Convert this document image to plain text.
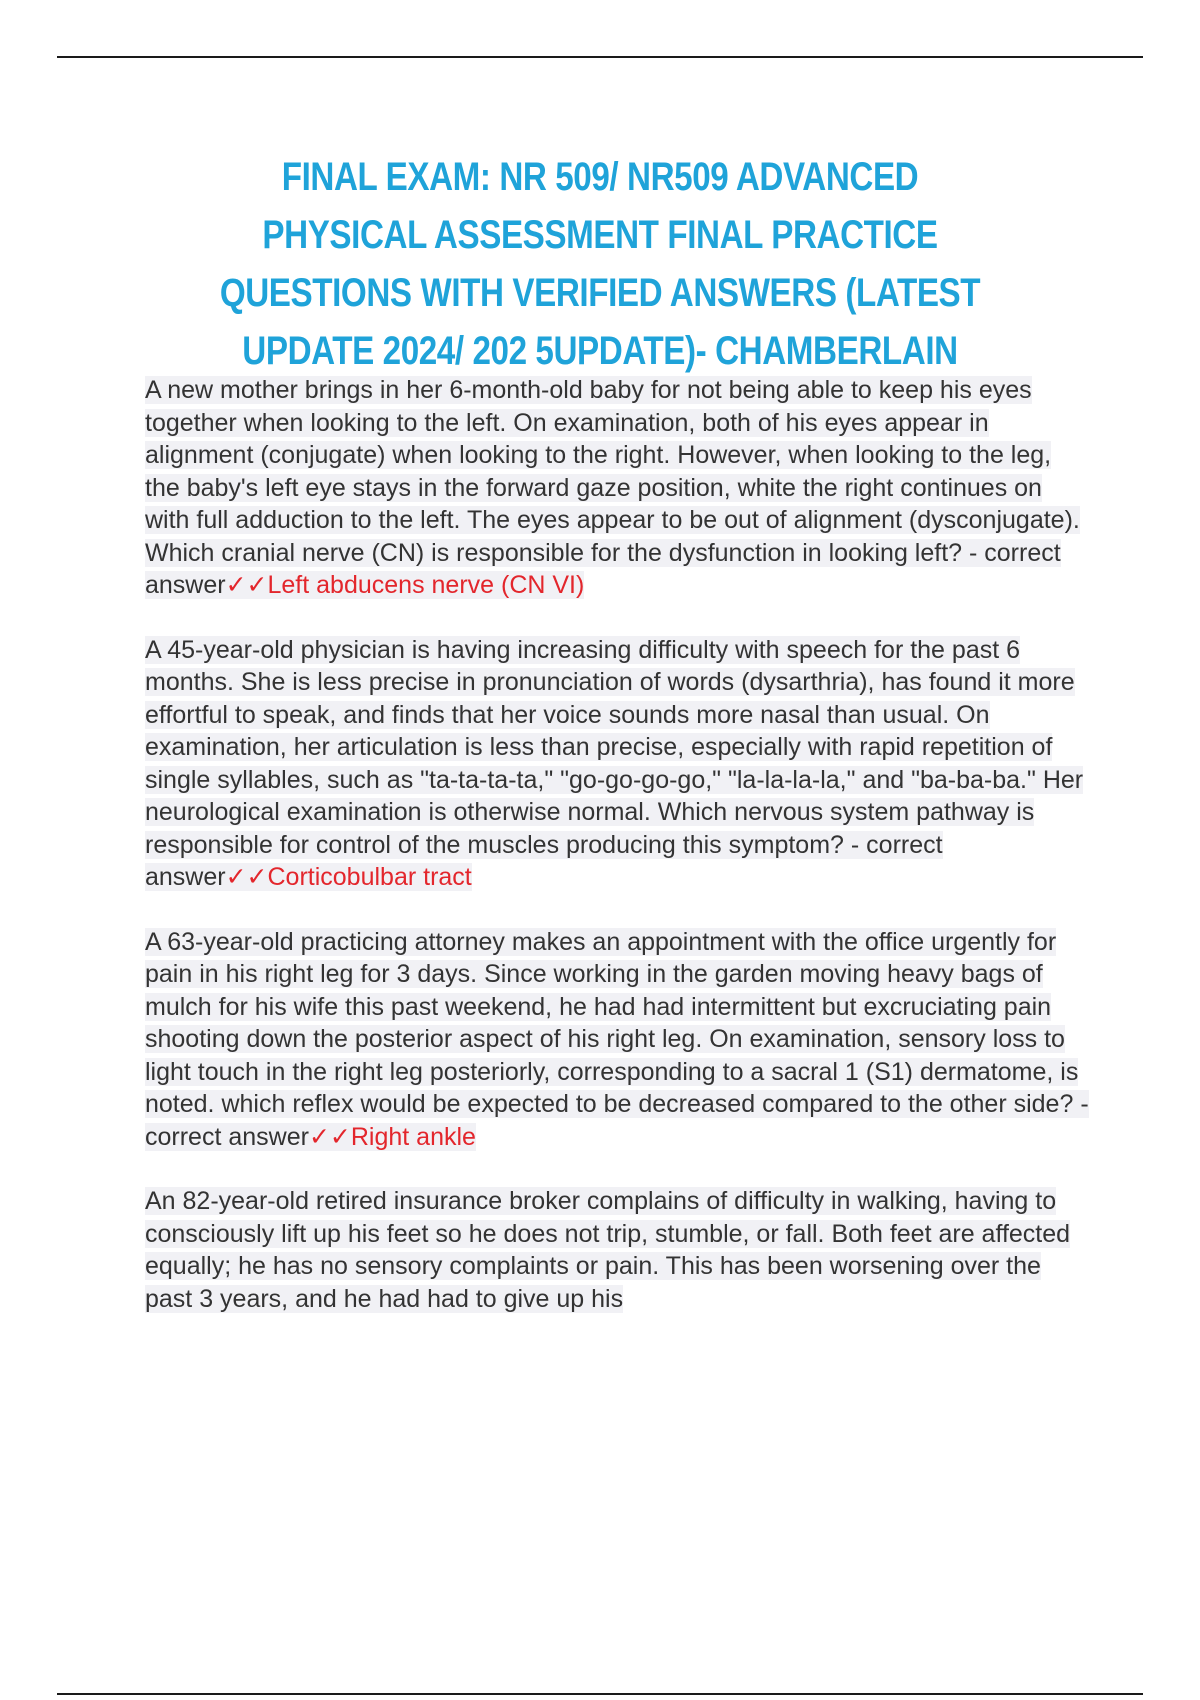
FINAL EXAM: NR 509/ NR509 ADVANCED PHYSICAL ASSESSMENT FINAL PRACTICE QUESTIONS WITH VERIFIED ANSWERS (LATEST UPDATE 2024/ 202 5UPDATE)- CHAMBERLAIN

A new mother brings in her 6-month-old baby for not being able to keep his eyes together when looking to the left. On examination, both of his eyes appear in alignment (conjugate) when looking to the right. However, when looking to the leg, the baby's left eye stays in the forward gaze position, white the right continues on with full adduction to the left. The eyes appear to be out of alignment (dysconjugate). Which cranial nerve (CN) is responsible for the dysfunction in looking left? - correct answer✓✓Left abducens nerve (CN VI)

A 45-year-old physician is having increasing difficulty with speech for the past 6 months. She is less precise in pronunciation of words (dysarthria), has found it more effortful to speak, and finds that her voice sounds more nasal than usual. On examination, her articulation is less than precise, especially with rapid repetition of single syllables, such as "ta-ta-ta-ta," "go-go-go-go," "la-la-la-la," and "ba-ba-ba." Her neurological examination is otherwise normal. Which nervous system pathway is responsible for control of the muscles producing this symptom? - correct answer✓✓Corticobulbar tract

A 63-year-old practicing attorney makes an appointment with the office urgently for pain in his right leg for 3 days. Since working in the garden moving heavy bags of mulch for his wife this past weekend, he had had intermittent but excruciating pain shooting down the posterior aspect of his right leg. On examination, sensory loss to light touch in the right leg posteriorly, corresponding to a sacral 1 (S1) dermatome, is noted. which reflex would be expected to be decreased compared to the other side? - correct answer✓✓Right ankle

An 82-year-old retired insurance broker complains of difficulty in walking, having to consciously lift up his feet so he does not trip, stumble, or fall. Both feet are affected equally; he has no sensory complaints or pain. This has been worsening over the past 3 years, and he had had to give up his
